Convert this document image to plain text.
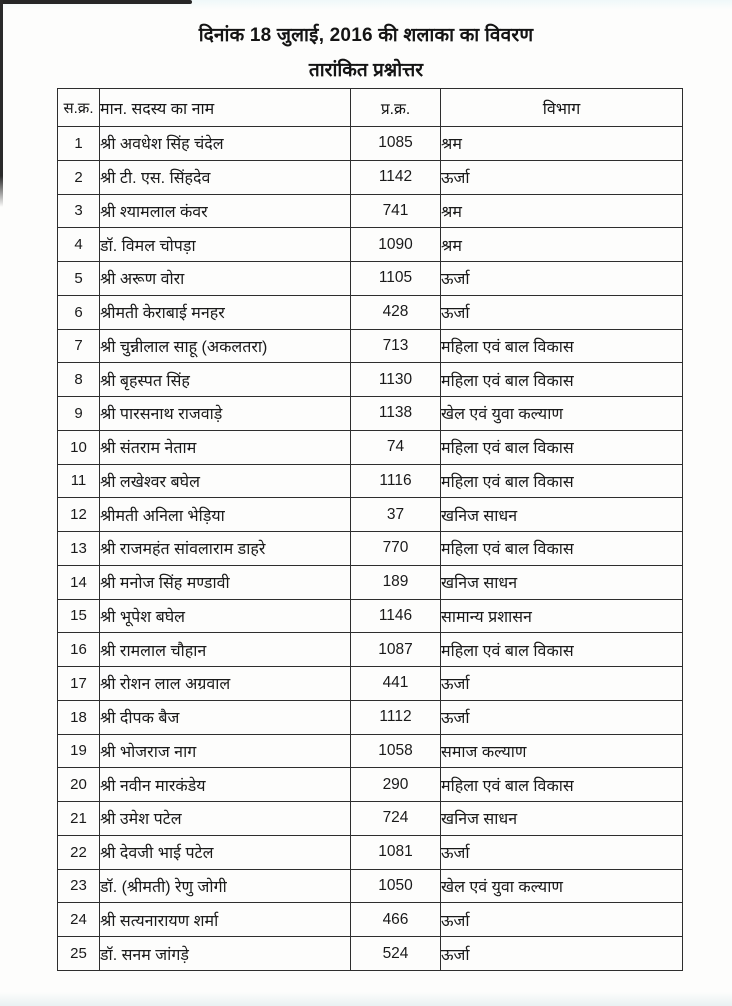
दिनांक 18 जुलाई, 2016 की शलाका का विवरण
तारांकित प्रश्नोत्तर
स.क्र.	मान. सदस्य का नाम	प्र.क्र.	विभाग
1	श्री अवधेश सिंह चंदेल	1085	श्रम
2	श्री टी. एस. सिंहदेव	1142	ऊर्जा
3	श्री श्यामलाल कंवर	741	श्रम
4	डॉ. विमल चोपड़ा	1090	श्रम
5	श्री अरूण वोरा	1105	ऊर्जा
6	श्रीमती केराबाई मनहर	428	ऊर्जा
7	श्री चुन्नीलाल साहू (अकलतरा)	713	महिला एवं बाल विकास
8	श्री बृहस्पत सिंह	1130	महिला एवं बाल विकास
9	श्री पारसनाथ राजवाड़े	1138	खेल एवं युवा कल्याण
10	श्री संतराम नेताम	74	महिला एवं बाल विकास
11	श्री लखेश्वर बघेल	1116	महिला एवं बाल विकास
12	श्रीमती अनिला भेड़िया	37	खनिज साधन
13	श्री राजमहंत सांवलाराम डाहरे	770	महिला एवं बाल विकास
14	श्री मनोज सिंह मण्डावी	189	खनिज साधन
15	श्री भूपेश बघेल	1146	सामान्य प्रशासन
16	श्री रामलाल चौहान	1087	महिला एवं बाल विकास
17	श्री रोशन लाल अग्रवाल	441	ऊर्जा
18	श्री दीपक बैज	1112	ऊर्जा
19	श्री भोजराज नाग	1058	समाज कल्याण
20	श्री नवीन मारकंडेय	290	महिला एवं बाल विकास
21	श्री उमेश पटेल	724	खनिज साधन
22	श्री देवजी भाई पटेल	1081	ऊर्जा
23	डॉ. (श्रीमती) रेणु जोगी	1050	खेल एवं युवा कल्याण
24	श्री सत्यनारायण शर्मा	466	ऊर्जा
25	डॉ. सनम जांगड़े	524	ऊर्जा
